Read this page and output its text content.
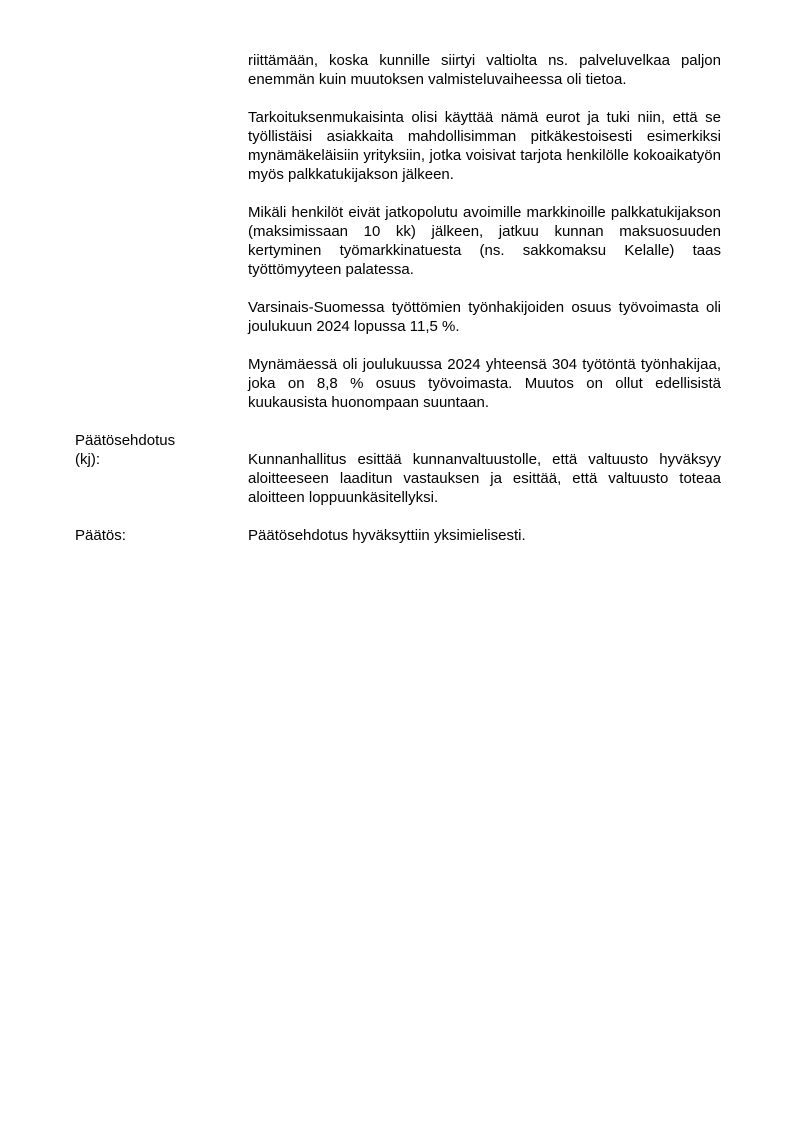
riittämään, koska kunnille siirtyi valtiolta ns. palveluvelkaa paljon enemmän kuin muutoksen valmisteluvaiheessa oli tietoa.
Tarkoituksenmukaisinta olisi käyttää nämä eurot ja tuki niin, että se työllistäisi asiakkaita mahdollisimman pitkäkestoisesti esimerkiksi mynämäkeläisiin yrityksiin, jotka voisivat tarjota henkilölle kokoaikatyön myös palkkatukijakson jälkeen.
Mikäli henkilöt eivät jatkopolutu avoimille markkinoille palkkatukijakson (maksimissaan 10 kk) jälkeen, jatkuu kunnan maksuosuuden kertyminen työmarkkinatuesta (ns. sakkomaksu Kelalle) taas työttömyyteen palatessa.
Varsinais-Suomessa työttömien työnhakijoiden osuus työvoimasta oli joulukuun 2024 lopussa 11,5 %.
Mynämäessä oli joulukuussa 2024 yhteensä 304 työtöntä työnhakijaa, joka on 8,8 % osuus työvoimasta. Muutos on ollut edellisistä kuukausista huonompaan suuntaan.
Päätösehdotus
(kj):	Kunnanhallitus esittää kunnanvaltuustolle, että valtuusto hyväksyy aloitteeseen laaditun vastauksen ja esittää, että valtuusto toteaa aloitteen loppuunkäsitellyksi.
Päätös:	Päätösehdotus hyväksyttiin yksimielisesti.
